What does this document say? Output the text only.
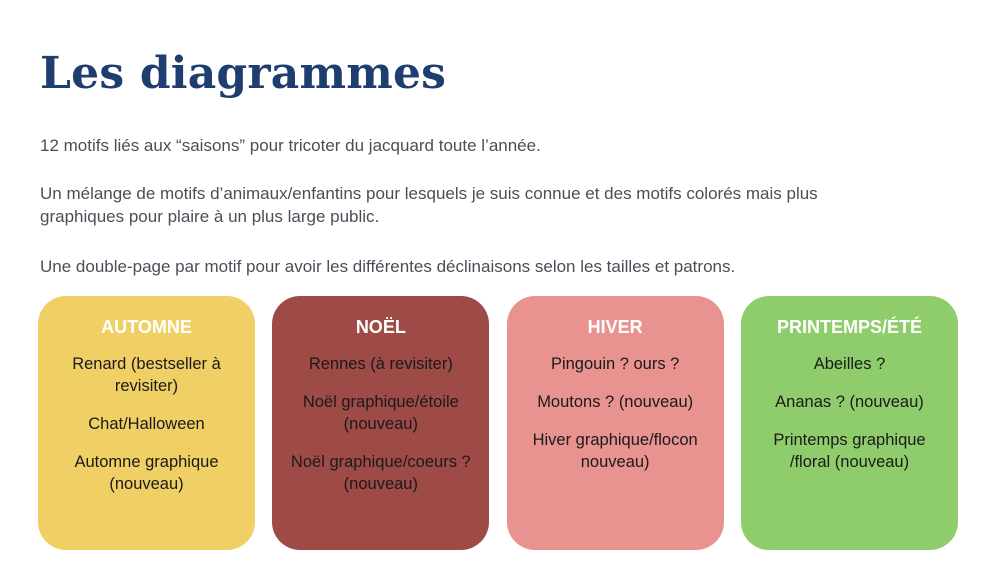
Les diagrammes

12 motifs liés aux “saisons” pour tricoter du jacquard toute l’année.

Un mélange de motifs d’animaux/enfantins pour lesquels je suis connue et des motifs colorés mais plus graphiques pour plaire à un plus large public.

Une double-page par motif pour avoir les différentes déclinaisons selon les tailles et patrons.

AUTOMNE
Renard (bestseller à revisiter)
Chat/Halloween
Automne graphique (nouveau)
NOËL
Rennes (à revisiter)
Noël graphique/étoile (nouveau)
Noël graphique/coeurs ? (nouveau)
HIVER
Pingouin ? ours ?
Moutons ? (nouveau)
Hiver graphique/flocon nouveau)
PRINTEMPS/ÉTÉ
Abeilles ?
Ananas ? (nouveau)
Printemps graphique /floral (nouveau)
